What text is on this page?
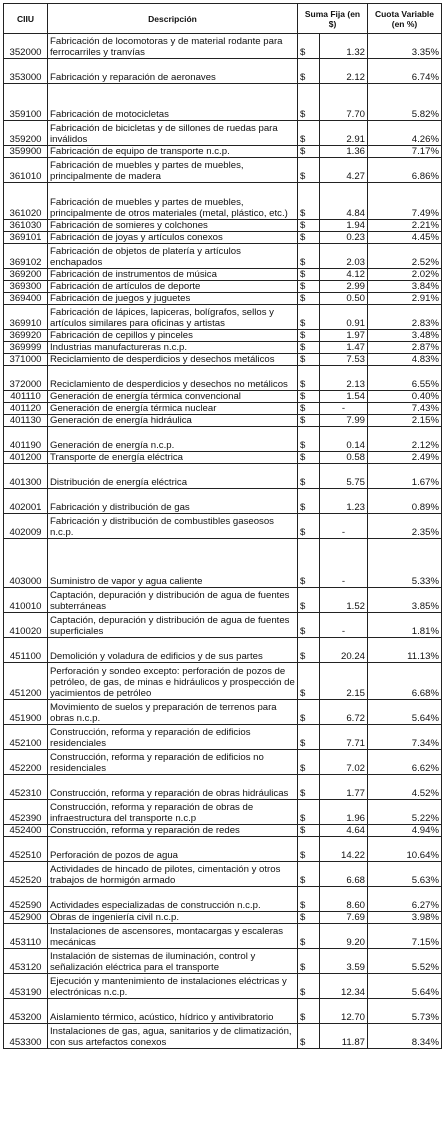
CIIU	Descripción	Suma Fija (en $)		Cuota Variable (en %)
352000	Fabricación de locomotoras y de material rodante para ferrocarriles y tranvías	$	1.32	3.35%
353000	Fabricación y reparación de aeronaves	$	2.12	6.74%
359100	Fabricación de motocicletas	$	7.70	5.82%
359200	Fabricación de bicicletas y de sillones de ruedas para inválidos	$	2.91	4.26%
359900	Fabricación de equipo de transporte n.c.p.	$	1.36	7.17%
361010	Fabricación de muebles y partes de muebles, principalmente de madera	$	4.27	6.86%
361020	Fabricación de muebles y partes de muebles, principalmente de otros materiales (metal, plástico, etc.)	$	4.84	7.49%
361030	Fabricación de somieres y colchones	$	1.94	2.21%
369101	Fabricación de joyas y artículos conexos	$	0.23	4.45%
369102	Fabricación de objetos de platería y artículos enchapados	$	2.03	2.52%
369200	Fabricación de instrumentos de música	$	4.12	2.02%
369300	Fabricación de artículos de deporte	$	2.99	3.84%
369400	Fabricación de juegos y juguetes	$	0.50	2.91%
369910	Fabricación de lápices, lapiceras, bolígrafos, sellos y artículos similares para oficinas y artistas	$	0.91	2.83%
369920	Fabricación de cepillos y pinceles	$	1.97	3.48%
369999	Industrias manufactureras n.c.p.	$	1.47	2.87%
371000	Reciclamiento de desperdicios y desechos metálicos	$	7.53	4.83%
372000	Reciclamiento de desperdicios y desechos no metálicos	$	2.13	6.55%
401110	Generación de energía térmica convencional	$	1.54	0.40%
401120	Generación de energía térmica nuclear	$	-	7.43%
401130	Generación de energía hidráulica	$	7.99	2.15%
401190	Generación de energía n.c.p.	$	0.14	2.12%
401200	Transporte de energía eléctrica	$	0.58	2.49%
401300	Distribución de energía eléctrica	$	5.75	1.67%
402001	Fabricación y distribución de gas	$	1.23	0.89%
402009	Fabricación y distribución de combustibles gaseosos n.c.p.	$	-	2.35%
403000	Suministro de vapor y agua caliente	$	-	5.33%
410010	Captación, depuración y distribución de agua de fuentes subterráneas	$	1.52	3.85%
410020	Captación, depuración y distribución de agua de fuentes superficiales	$	-	1.81%
451100	Demolición y voladura de edificios y de sus partes	$	20.24	11.13%
451200	Perforación y sondeo excepto: perforación de pozos de petróleo, de gas, de minas e hidráulicos y prospección de yacimientos de petróleo	$	2.15	6.68%
451900	Movimiento de suelos y preparación de terrenos para obras n.c.p.	$	6.72	5.64%
452100	Construcción, reforma y reparación de edificios residenciales	$	7.71	7.34%
452200	Construcción, reforma y reparación de edificios no residenciales	$	7.02	6.62%
452310	Construcción, reforma y reparación de obras hidráulicas	$	1.77	4.52%
452390	Construcción, reforma y reparación de obras de infraestructura del transporte n.c.p	$	1.96	5.22%
452400	Construcción, reforma y reparación de redes	$	4.64	4.94%
452510	Perforación de pozos de agua	$	14.22	10.64%
452520	Actividades de hincado de pilotes, cimentación y otros trabajos de hormigón armado	$	6.68	5.63%
452590	Actividades especializadas de construcción n.c.p.	$	8.60	6.27%
452900	Obras de ingeniería civil n.c.p.	$	7.69	3.98%
453110	Instalaciones de ascensores, montacargas y escaleras mecánicas	$	9.20	7.15%
453120	Instalación de sistemas de iluminación, control y señalización eléctrica para el transporte	$	3.59	5.52%
453190	Ejecución y mantenimiento de instalaciones eléctricas y electrónicas n.c.p.	$	12.34	5.64%
453200	Aislamiento térmico, acústico, hídrico y antivibratorio	$	12.70	5.73%
453300	Instalaciones de gas, agua, sanitarios y de climatización, con sus artefactos conexos	$	11.87	8.34%
